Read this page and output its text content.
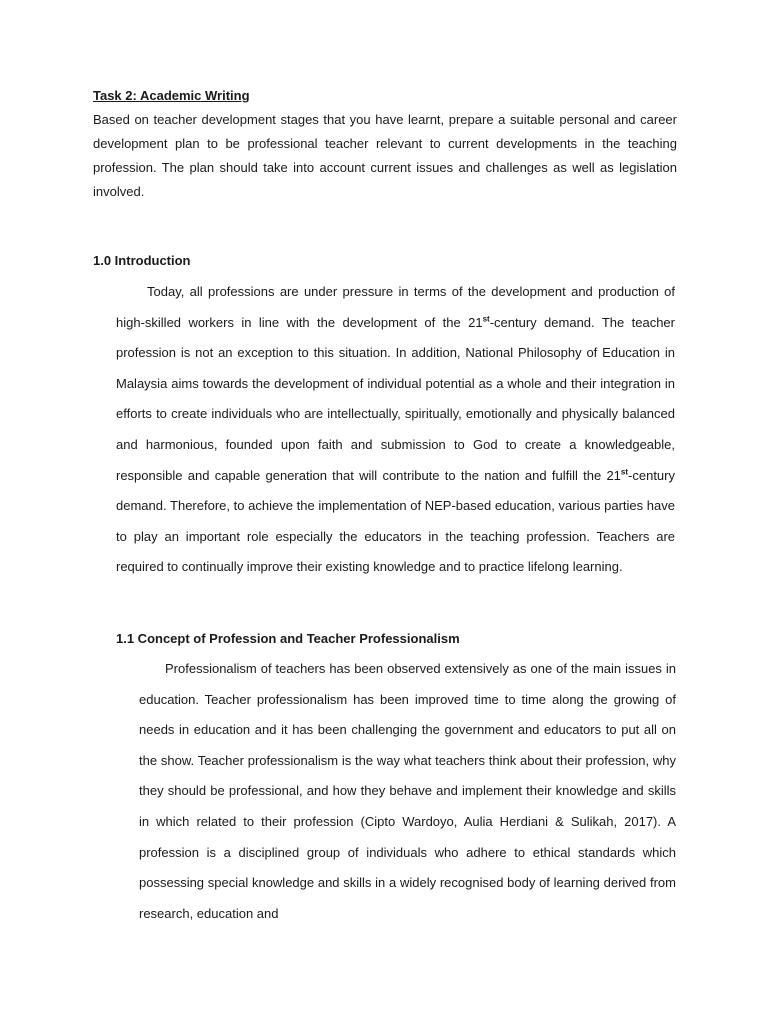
Task 2: Academic Writing
Based on teacher development stages that you have learnt, prepare a suitable personal and career development plan to be professional teacher relevant to current developments in the teaching profession. The plan should take into account current issues and challenges as well as legislation involved.
1.0 Introduction

Today, all professions are under pressure in terms of the development and production of high-skilled workers in line with the development of the 21st-century demand. The teacher profession is not an exception to this situation. In addition, National Philosophy of Education in Malaysia aims towards the development of individual potential as a whole and their integration in efforts to create individuals who are intellectually, spiritually, emotionally and physically balanced and harmonious, founded upon faith and submission to God to create a knowledgeable, responsible and capable generation that will contribute to the nation and fulfill the 21st-century demand. Therefore, to achieve the implementation of NEP-based education, various parties have to play an important role especially the educators in the teaching profession. Teachers are required to continually improve their existing knowledge and to practice lifelong learning.

1.1 Concept of Profession and Teacher Professionalism

Professionalism of teachers has been observed extensively as one of the main issues in education. Teacher professionalism has been improved time to time along the growing of needs in education and it has been challenging the government and educators to put all on the show. Teacher professionalism is the way what teachers think about their profession, why they should be professional, and how they behave and implement their knowledge and skills in which related to their profession (Cipto Wardoyo, Aulia Herdiani & Sulikah, 2017). A profession is a disciplined group of individuals who adhere to ethical standards which possessing special knowledge and skills in a widely recognised body of learning derived from research, education and
